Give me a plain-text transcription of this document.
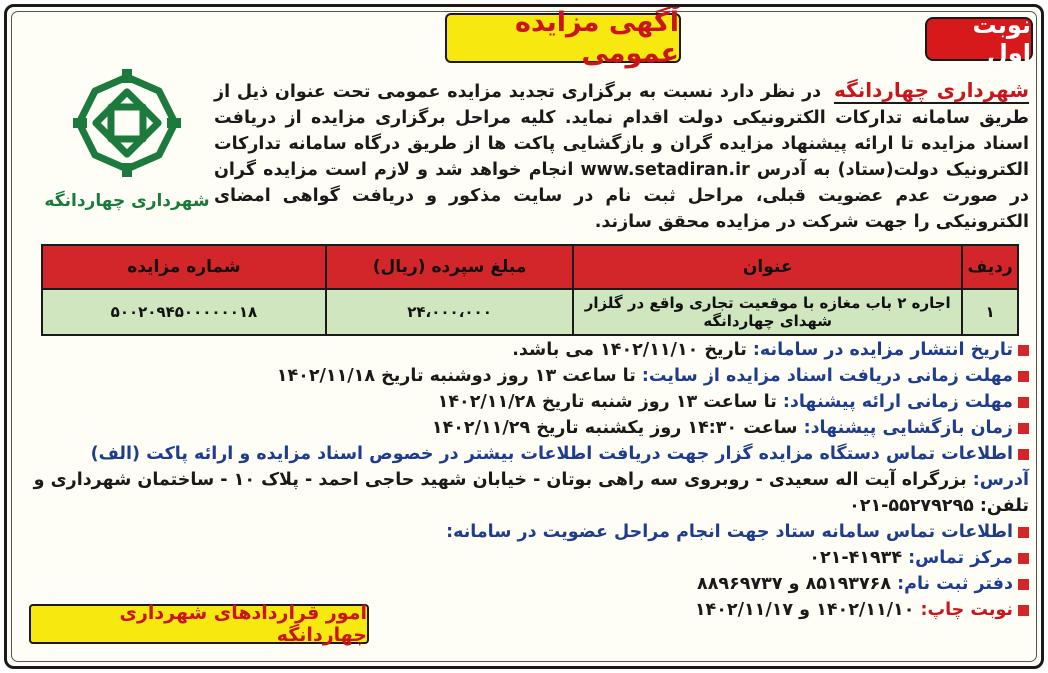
نوبت اول
آگهی مزایده عمومی
شهرداری چهاردانگه
شهرداری چهاردانگه در نظر دارد نسبت به برگزاری تجدید مزایده عمومی تحت عنوان ذیل از طریق سامانه تدارکات الکترونیکی دولت اقدام نماید. کلیه مراحل برگزاری مزایده از دریافت اسناد مزایده تا ارائه پیشنهاد مزایده گران و بازگشایی پاکت ها از طریق درگاه سامانه تدارکات الکترونیک دولت(ستاد) به آدرس www.setadiran.ir انجام خواهد شد و لازم است مزایده گران در صورت عدم عضویت قبلی، مراحل ثبت نام در سایت مذکور و دریافت گواهی امضای الکترونیکی را جهت شرکت در مزایده محقق سازند.
ردیف	عنوان	مبلغ سپرده (ریال)	شماره مزایده
۱	اجاره ۲ باب مغازه با موقعیت تجاری واقع در گلزار شهدای چهاردانگه	۲۴،۰۰۰،۰۰۰	۵۰۰۲۰۹۴۵۰۰۰۰۰۰۱۸
تاریخ انتشار مزایده در سامانه: تاریخ ۱۴۰۲/۱۱/۱۰ می باشد.
مهلت زمانی دریافت اسناد مزایده از سایت: تا ساعت ۱۳ روز دوشنبه تاریخ ۱۴۰۲/۱۱/۱۸
مهلت زمانی ارائه پیشنهاد: تا ساعت ۱۳ روز شنبه تاریخ ۱۴۰۲/۱۱/۲۸
زمان بازگشایی پیشنهاد: ساعت ۱۴:۳۰ روز یکشنبه تاریخ ۱۴۰۲/۱۱/۲۹
اطلاعات تماس دستگاه مزایده گزار جهت دریافت اطلاعات بیشتر در خصوص اسناد مزایده و ارائه پاکت (الف)
آدرس: بزرگراه آیت اله سعیدی - روبروی سه راهی بوتان - خیابان شهید حاجی احمد - پلاک ۱۰ - ساختمان شهرداری و
تلفن: ۵۵۲۷۹۲۹۵-۰۲۱
اطلاعات تماس سامانه ستاد جهت انجام مراحل عضویت در سامانه:
مرکز تماس: ۴۱۹۳۴-۰۲۱
دفتر ثبت نام: ۸۵۱۹۳۷۶۸ و ۸۸۹۶۹۷۳۷
نوبت چاپ: ۱۴۰۲/۱۱/۱۰ و ۱۴۰۲/۱۱/۱۷
امور قراردادهای شهرداری چهاردانگه
